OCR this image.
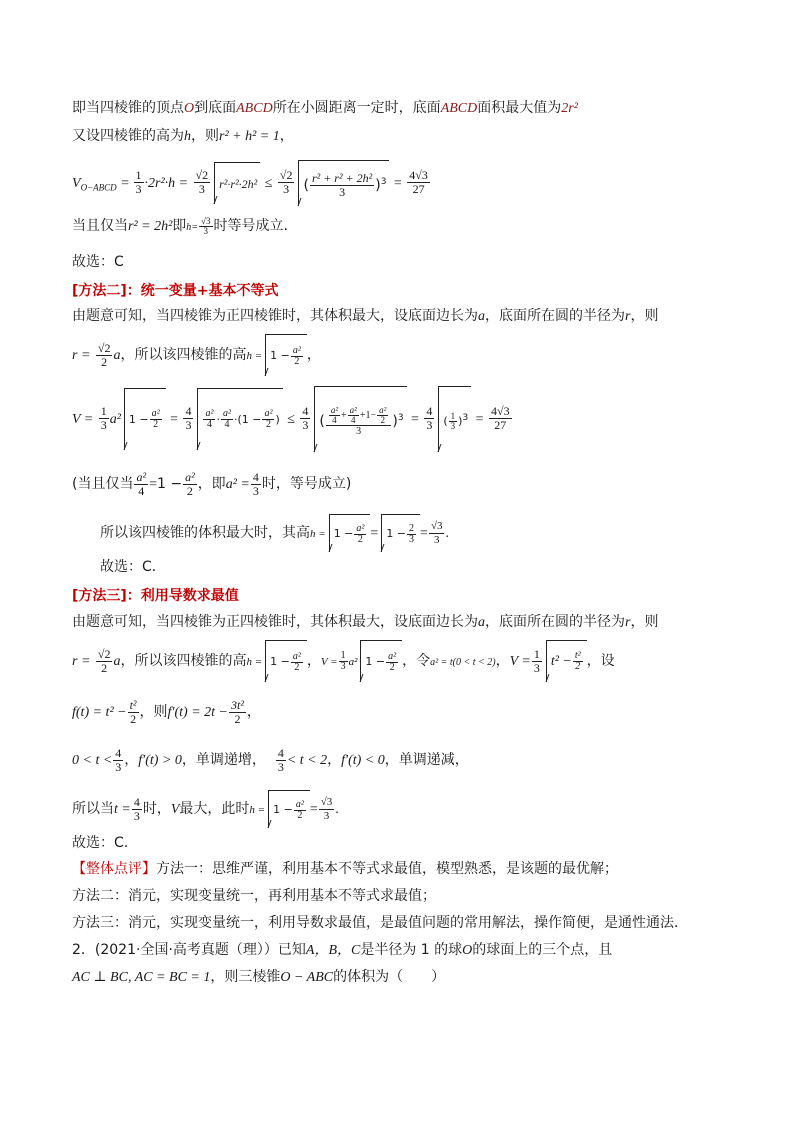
即当四棱锥的顶点O到底面ABCD所在小圆距离一定时，底面ABCD面积最大值为2r²
又设四棱锥的高为h，则r² + h² = 1，
$V_{O-ABCD} = \frac{1}{3} \cdot 2r^2\cdot h = \frac{√2}{3} r^2\cdot r^2\cdot 2h^2 \le \frac{√2}{3}$ ( $\frac{\text{r² + r² + 2h²}}{3} )^3 = \frac{4√3}{27}$
当且仅当r² = 2h²即$h= \frac{√3}{3}$ 时等号成立.
故选：C
[方法二]：统一变量+基本不等式
由题意可知，当四棱锥为正四棱锥时，其体积最大，设底面边长为a，底面所在圆的半径为r，则
$r = \frac{√2}{2}$ a，所以该四棱锥的高$h = 1 - \frac{\text{a²}}{2}$ ，
$V = \frac{1}{3} a^2$ $1 - \frac{\text{a²}}{2} = \frac{4}{3} \frac{\text{a²}}{4} \cdot \frac{\text{a²}}{4} \cdot(1 - \frac{\text{a²}}{2}$ ) ≤ $\frac{4}{3}$ ( $\frac{\frac{\text{a²}}{4} + \frac{\text{a²}}{4} +1- \frac{\text{a²}}{2}}{3} )^3 = \frac{4}{3}$ ( $\frac{1}{3} )^3 = \frac{4√3}{27}$
(当且仅当 $\frac{\text{a²}}{4} =1 - \frac{\text{a²}}{2}$ ，即$a^2 = \frac{4}{3}$ 时，等号成立)
所以该四棱锥的体积最大时，其高$h = 1 - \frac{\text{a²}}{2} = 1 - \frac{2}{3} = \frac{√3}{3}$ .
故选：C．
[方法三]：利用导数求最值
由题意可知，当四棱锥为正四棱锥时，其体积最大，设底面边长为a，底面所在圆的半径为r，则
$r = \frac{√2}{2}$ a，所以该四棱锥的高$h = 1 - \frac{\text{a²}}{2}$ ，$V = \frac{1}{3} a^2$ $1 - \frac{\text{a²}}{2}$ ，令a² = t(0 < t < 2)，$V = \frac{1}{3} t^2 - \frac{\text{t²}}{2}$ ，设
$f(t) = t^2 - \frac{\text{t²}}{2}$ ，则$f'(t) = 2t - \frac{\text{3t²}}{2}$ ，
$0 < t < \frac{4}{3}$ ，f′(t) > 0，单调递增， $\frac{4}{3} < t < 2$，f′(t) < 0，单调递减，
所以当$t = \frac{4}{3}$ 时，V最大，此时$h = 1 - \frac{\text{a²}}{2} = \frac{√3}{3}$ .
故选：C.
【整体点评】方法一：思维严谨，利用基本不等式求最值，模型熟悉，是该题的最优解；
方法二：消元，实现变量统一，再利用基本不等式求最值；
方法三：消元，实现变量统一，利用导数求最值，是最值问题的常用解法，操作简便，是通性通法．
2．(2021·全国·高考真题（理））已知A，B，C是半径为 1 的球O的球面上的三个点，且
AC ⊥ BC, AC = BC = 1，则三棱锥O − ABC的体积为（　　）
